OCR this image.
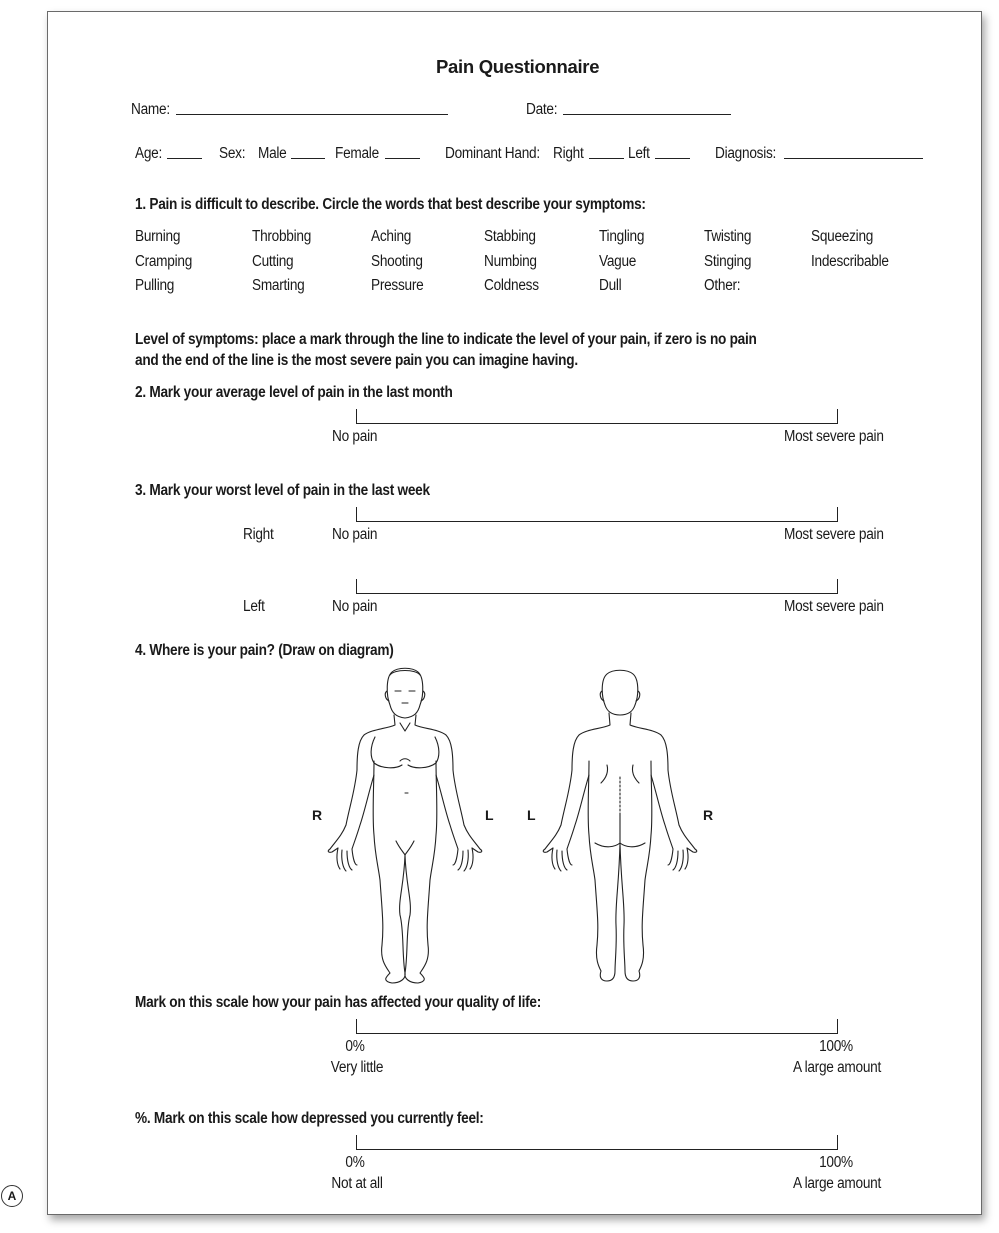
Pain Questionnaire
Name:	Date:
Age:	Sex: Male	Female	Dominant Hand: Right	Left	Diagnosis:
1. Pain is difficult to describe. Circle the words that best describe your symptoms:
Burning	Throbbing	Aching	Stabbing	Tingling	Twisting	Squeezing
Cramping	Cutting	Shooting	Numbing	Vague	Stinging	Indescribable
Pulling	Smarting	Pressure	Coldness	Dull	Other:
Level of symptoms: place a mark through the line to indicate the level of your pain, if zero is no pain
and the end of the line is the most severe pain you can imagine having.
2. Mark your average level of pain in the last month
No pain	Most severe pain
3. Mark your worst level of pain in the last week
Right	No pain	Most severe pain
Left	No pain	Most severe pain
4. Where is your pain? (Draw on diagram)
R	L L	R
Mark on this scale how your pain has affected your quality of life:
0%	100%
Very little	A large amount
%. Mark on this scale how depressed you currently feel:
0%	100%
Not at all	A large amount
A
